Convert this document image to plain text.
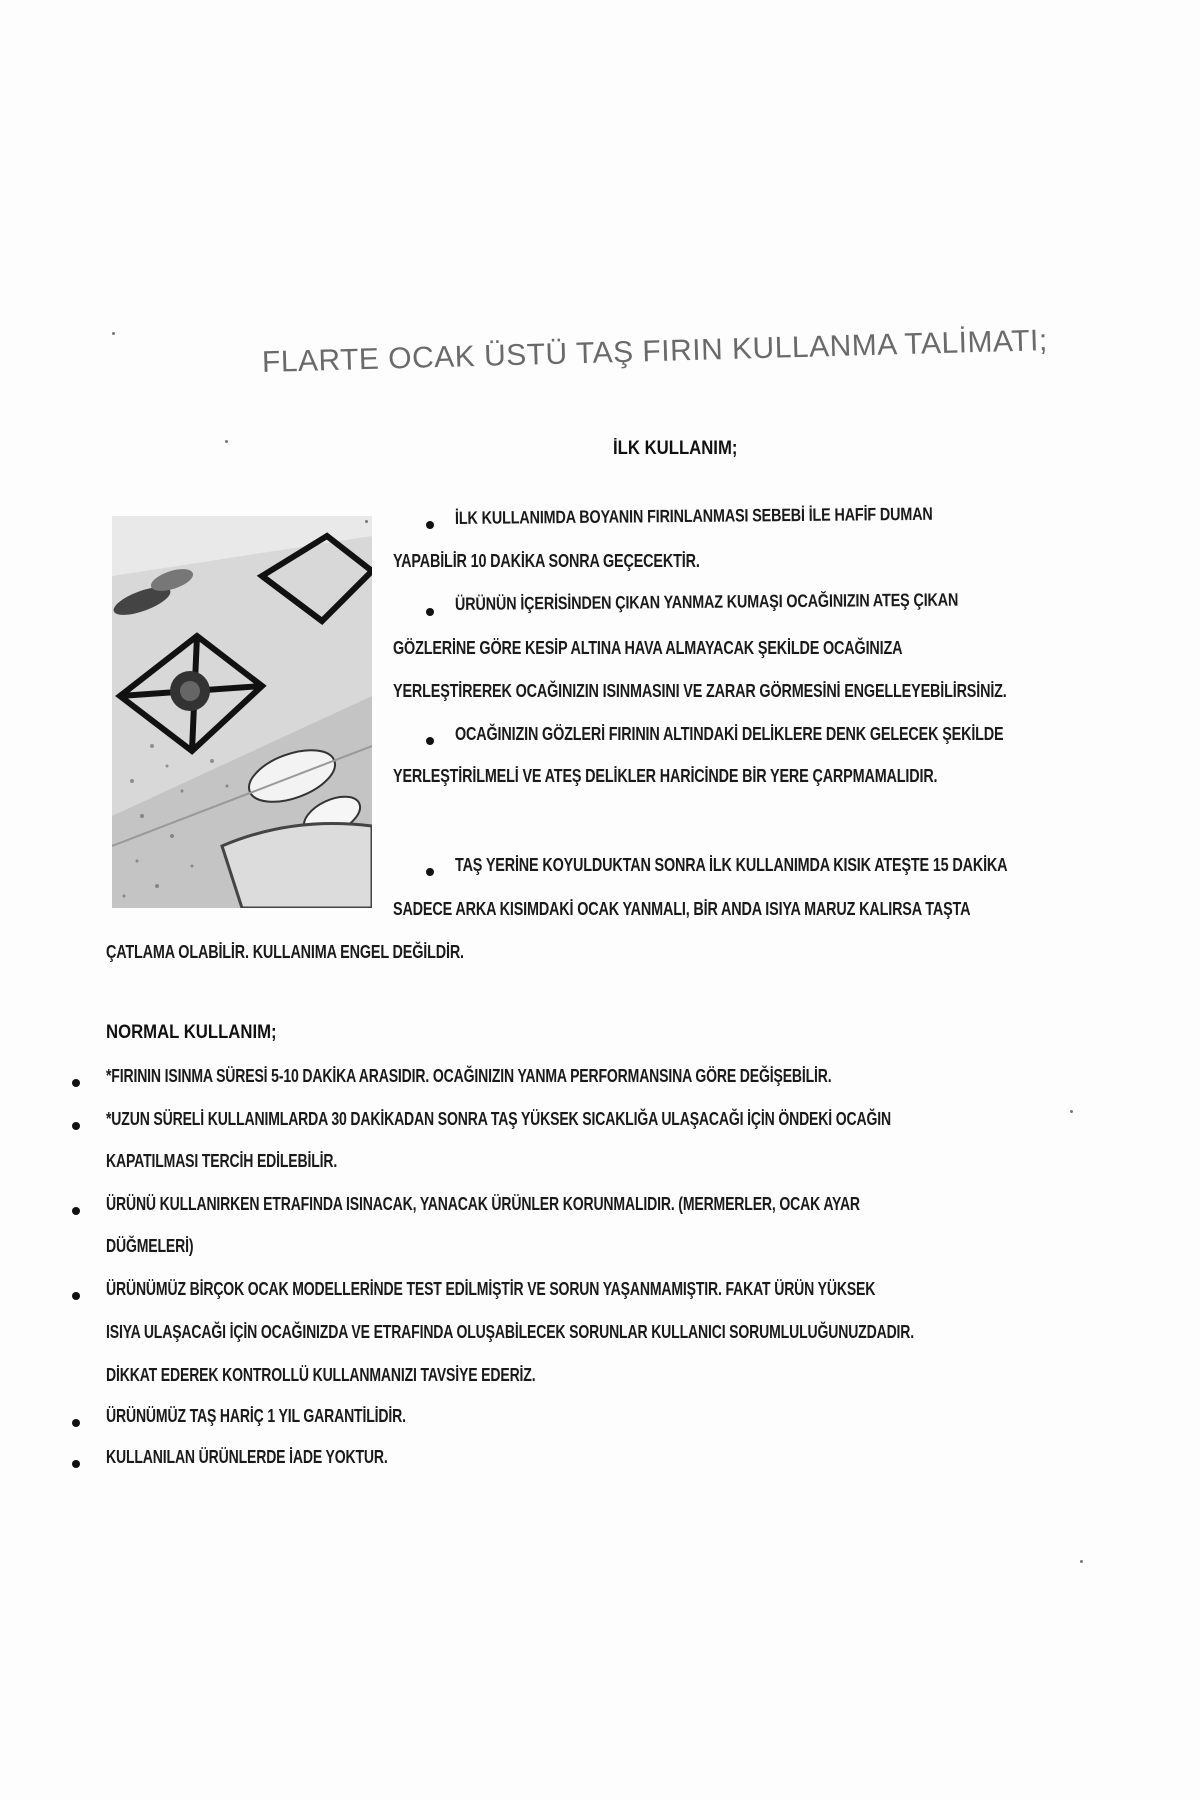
FLARTE OCAK ÜSTÜ TAŞ FIRIN KULLANMA TALİMATI;
İLK KULLANIM;
İLK KULLANIMDA BOYANIN FIRINLANMASI SEBEBİ İLE HAFİF DUMAN
YAPABİLİR 10 DAKİKA SONRA GEÇECEKTİR.
ÜRÜNÜN İÇERİSİNDEN ÇIKAN YANMAZ KUMAŞI OCAĞINIZIN ATEŞ ÇIKAN
GÖZLERİNE GÖRE KESİP ALTINA HAVA ALMAYACAK ŞEKİLDE OCAĞINIZA
YERLEŞTİREREK OCAĞINIZIN ISINMASINI VE ZARAR GÖRMESİNİ ENGELLEYEBİLİRSİNİZ.
OCAĞINIZIN GÖZLERİ FIRININ ALTINDAKİ DELİKLERE DENK GELECEK ŞEKİLDE
YERLEŞTİRİLMELİ VE ATEŞ DELİKLER HARİCİNDE BİR YERE ÇARPMAMALIDIR.
TAŞ YERİNE KOYULDUKTAN SONRA İLK KULLANIMDA KISIK ATEŞTE 15 DAKİKA
SADECE ARKA KISIMDAKİ OCAK YANMALI, BİR ANDA ISIYA MARUZ KALIRSA TAŞTA
ÇATLAMA OLABİLİR. KULLANIMA ENGEL DEĞİLDİR.
NORMAL KULLANIM;
*FIRININ ISINMA SÜRESİ 5-10 DAKİKA ARASIDIR. OCAĞINIZIN YANMA PERFORMANSINA GÖRE DEĞİŞEBİLİR.
*UZUN SÜRELİ KULLANIMLARDA 30 DAKİKADAN SONRA TAŞ YÜKSEK SICAKLIĞA ULAŞACAĞI İÇİN ÖNDEKİ OCAĞIN
KAPATILMASI TERCİH EDİLEBİLİR.
ÜRÜNÜ KULLANIRKEN ETRAFINDA ISINACAK, YANACAK ÜRÜNLER KORUNMALIDIR. (MERMERLER, OCAK AYAR
DÜĞMELERİ)
ÜRÜNÜMÜZ BİRÇOK OCAK MODELLERİNDE TEST EDİLMİŞTİR VE SORUN YAŞANMAMIŞTIR. FAKAT ÜRÜN YÜKSEK
ISIYA ULAŞACAĞI İÇİN OCAĞINIZDA VE ETRAFINDA OLUŞABİLECEK SORUNLAR KULLANICI SORUMLULUĞUNUZDADIR.
DİKKAT EDEREK KONTROLLÜ KULLANMANIZI TAVSİYE EDERİZ.
ÜRÜNÜMÜZ TAŞ HARİÇ 1 YIL GARANTİLİDİR.
KULLANILAN ÜRÜNLERDE İADE YOKTUR.
